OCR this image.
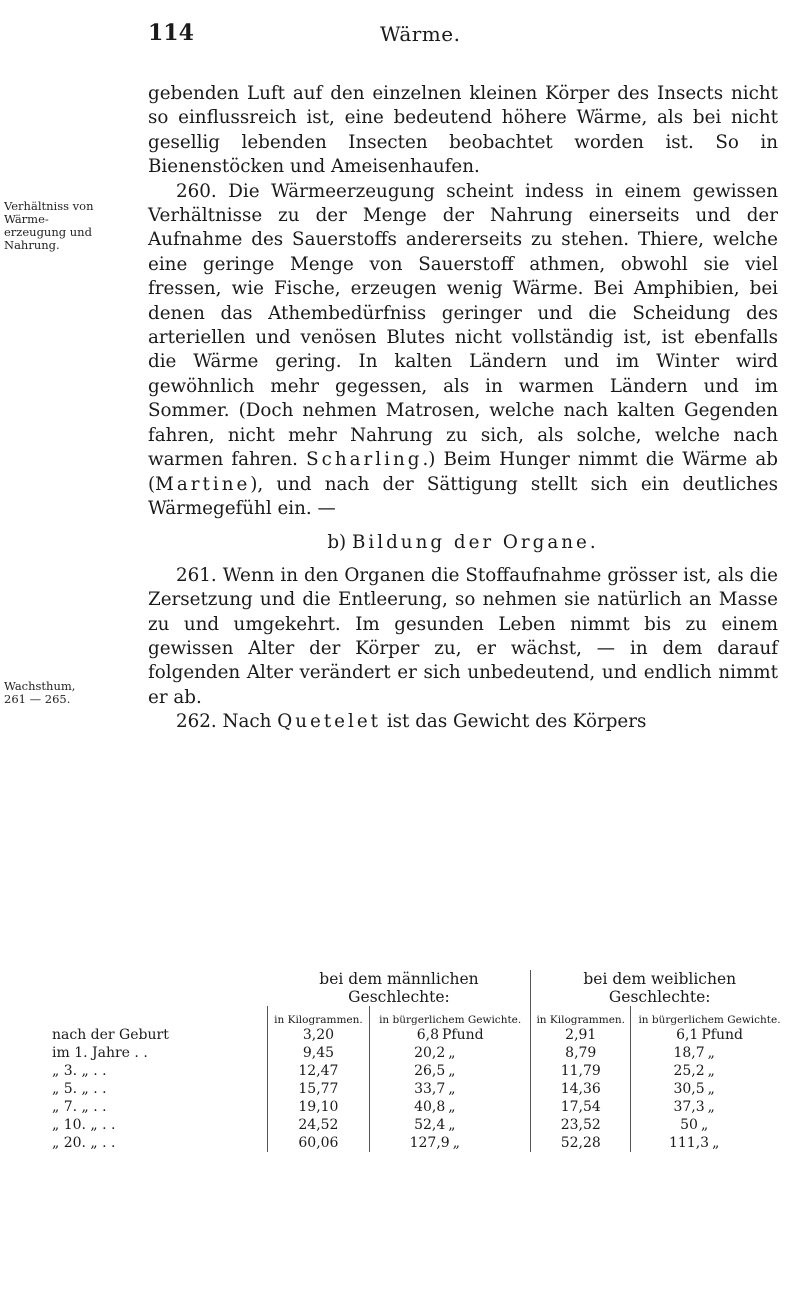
114	Wärme.
Verhältniss von Wärme-erzeugung und Nahrung.
Wachsthum, 261 — 265.

gebenden Luft auf den einzelnen kleinen Körper des Insects nicht so einflussreich ist, eine bedeutend höhere Wärme, als bei nicht gesellig lebenden Insecten beobachtet worden ist. So in Bienenstöcken und Ameisenhaufen.

260. Die Wärmeerzeugung scheint indess in einem gewissen Verhältnisse zu der Menge der Nahrung einerseits und der Aufnahme des Sauerstoffs andererseits zu stehen. Thiere, welche eine geringe Menge von Sauerstoff athmen, obwohl sie viel fressen, wie Fische, erzeugen wenig Wärme. Bei Amphibien, bei denen das Athembedürfniss geringer und die Scheidung des arteriellen und venösen Blutes nicht vollständig ist, ist ebenfalls die Wärme gering. In kalten Ländern und im Winter wird gewöhnlich mehr gegessen, als in warmen Ländern und im Sommer. (Doch nehmen Matrosen, welche nach kalten Gegenden fahren, nicht mehr Nahrung zu sich, als solche, welche nach warmen fahren. Scharling.) Beim Hunger nimmt die Wärme ab (Martine), und nach der Sättigung stellt sich ein deutliches Wärmegefühl ein. —

b) Bildung der Organe.

261. Wenn in den Organen die Stoffaufnahme grösser ist, als die Zersetzung und die Entleerung, so nehmen sie natürlich an Masse zu und umgekehrt. Im gesunden Leben nimmt bis zu einem gewissen Alter der Körper zu, er wächst, — in dem darauf folgenden Alter verändert er sich unbedeutend, und endlich nimmt er ab.

262. Nach Quetelet ist das Gewicht des Körpers

	bei dem männlichen Geschlechte:		bei dem weiblichen Geschlechte:	
	in Kilogrammen.	in bürgerlichem Gewichte.	in Kilogrammen.	in bürgerlichem Gewichte.
nach der Geburt	3,20	6,8 Pfund	2,91	6,1 Pfund
im 1. Jahre . .	9,45	20,2 „	8,79	18,7 „
„ 3. „ . .	12,47	26,5 „	11,79	25,2 „
„ 5. „ . .	15,77	33,7 „	14,36	30,5 „
„ 7. „ . .	19,10	40,8 „	17,54	37,3 „
„ 10. „ . .	24,52	52,4 „	23,52	50 „
„ 20. „ . .	60,06	127,9 „	52,28	111,3 „
